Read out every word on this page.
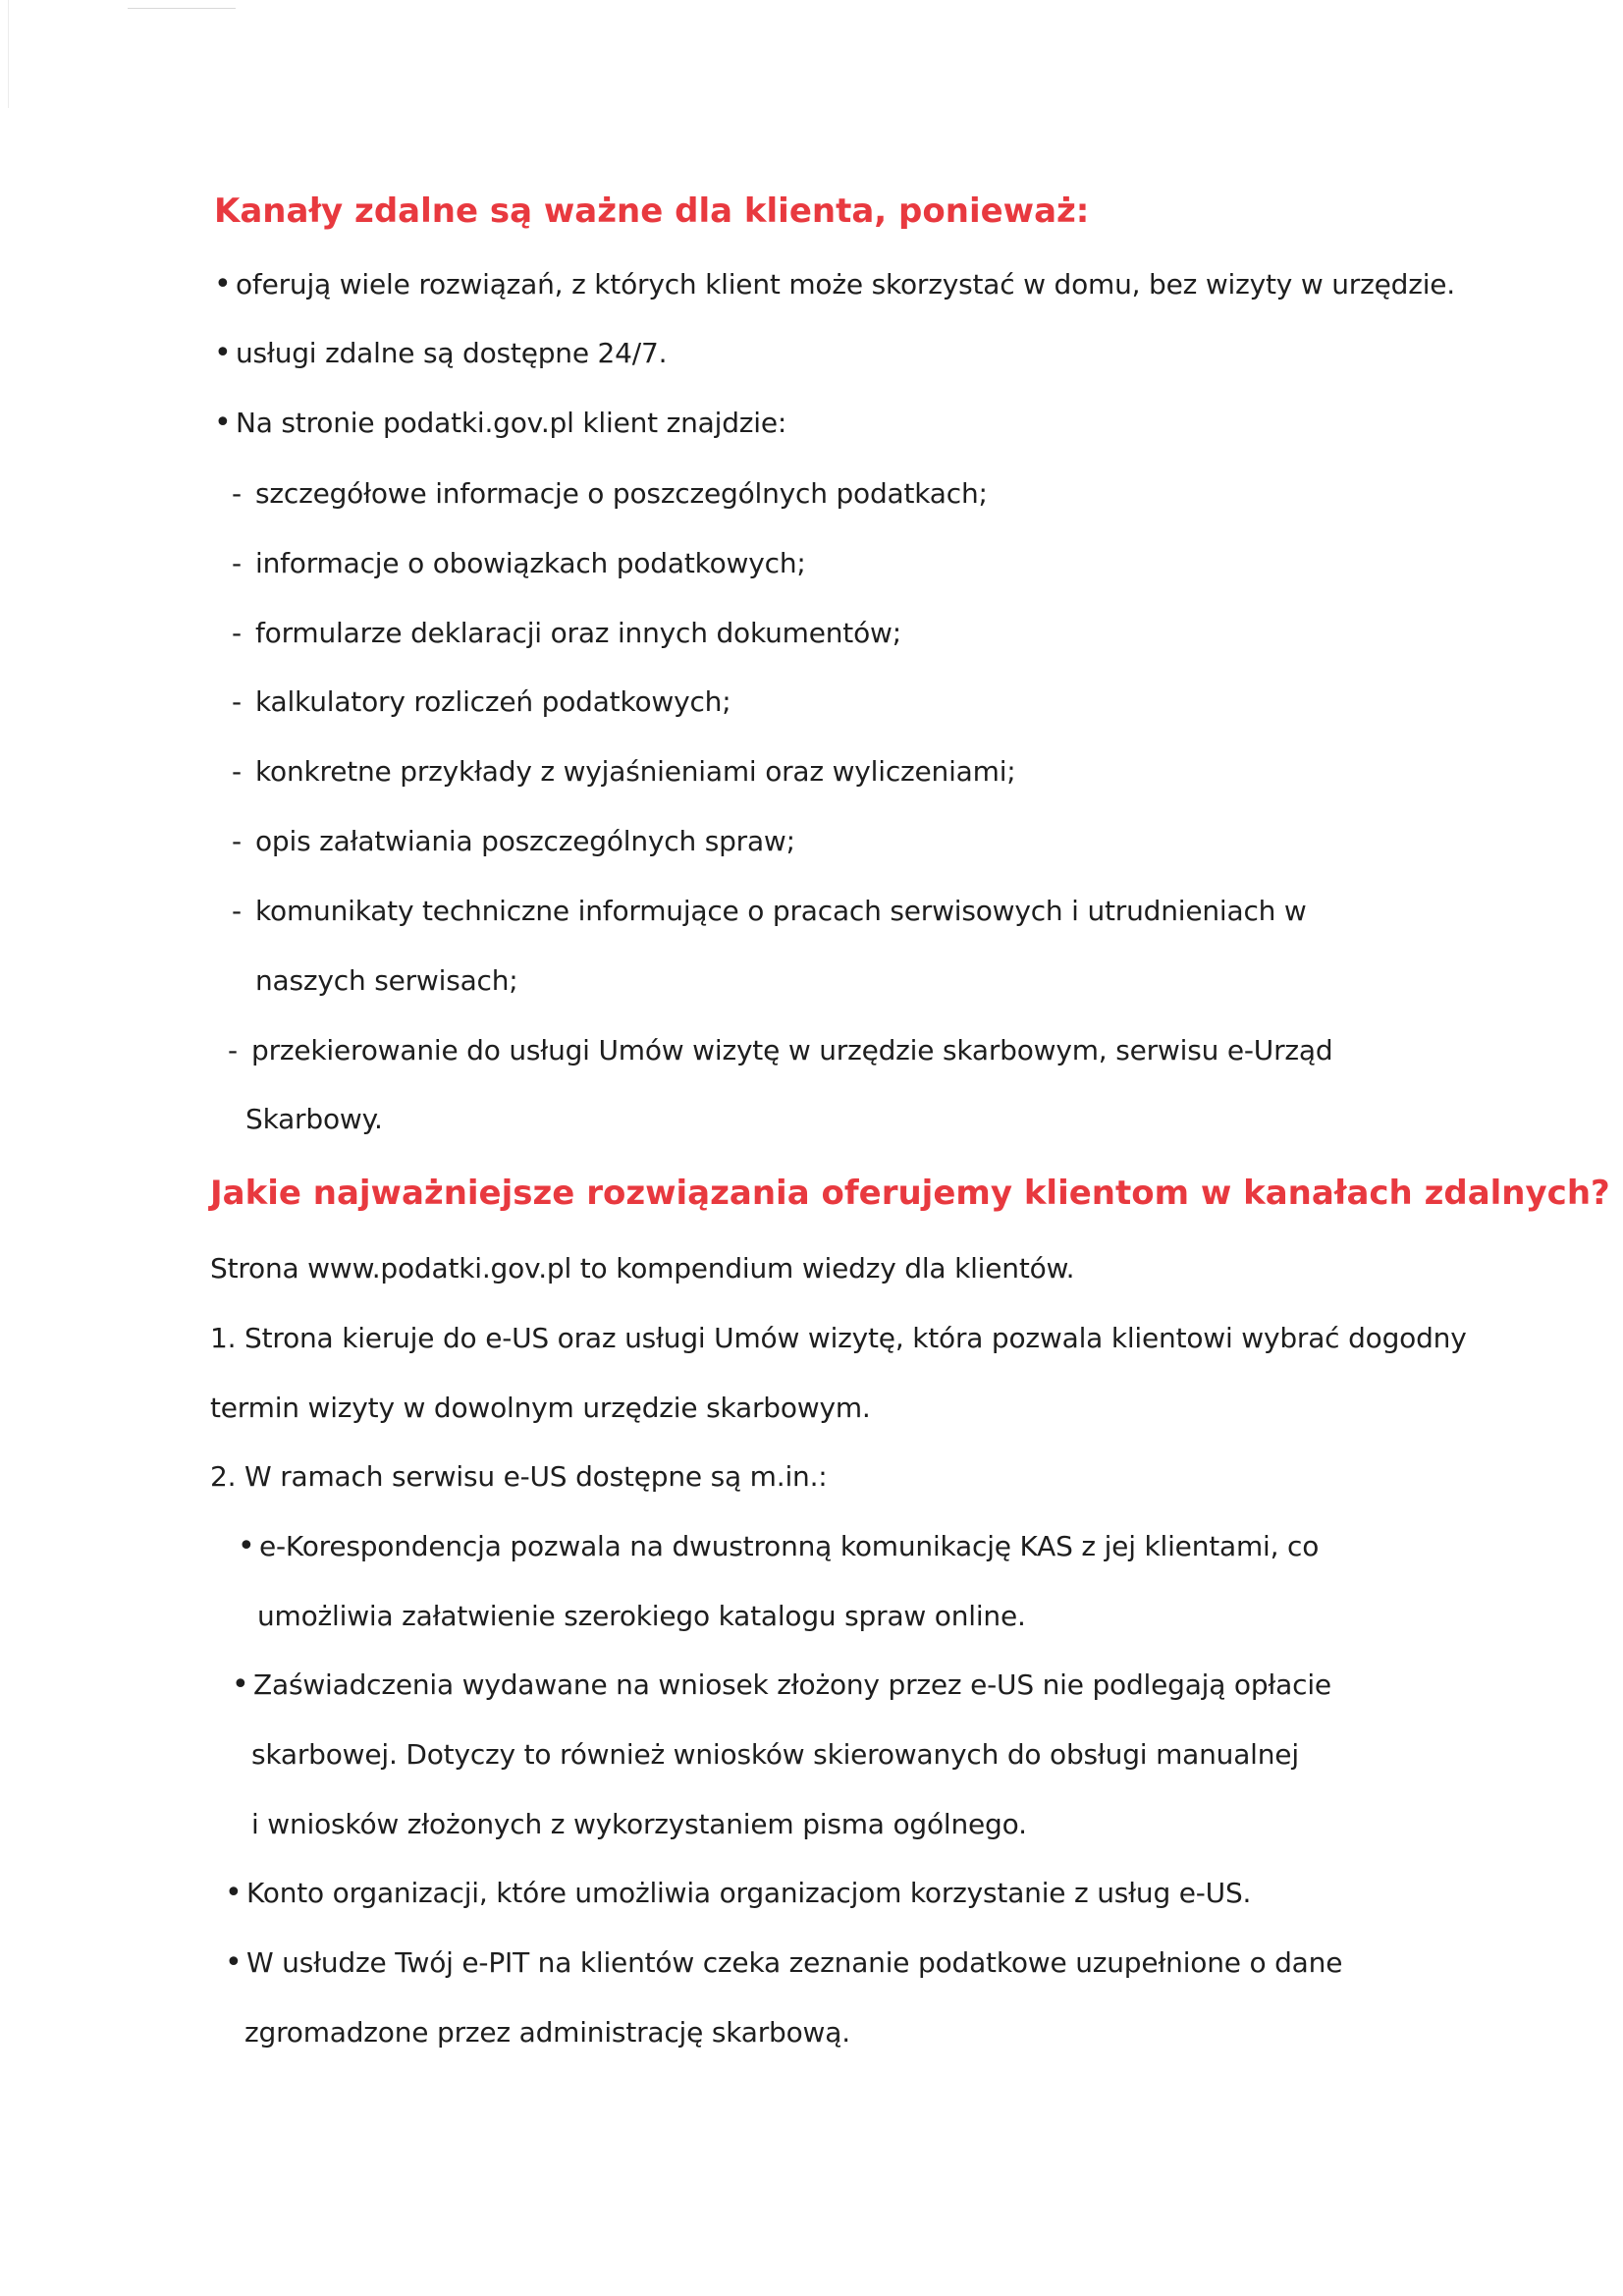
Kanały zdalne są ważne dla klienta, ponieważ:

• oferują wiele rozwiązań, z których klient może skorzystać w domu, bez wizyty w urzędzie.

• usługi zdalne są dostępne 24/7.

• Na stronie podatki.gov.pl klient znajdzie:

- szczegółowe informacje o poszczególnych podatkach;

- informacje o obowiązkach podatkowych;

- formularze deklaracji oraz innych dokumentów;

- kalkulatory rozliczeń podatkowych;

- konkretne przykłady z wyjaśnieniami oraz wyliczeniami;

- opis załatwiania poszczególnych spraw;

- komunikaty techniczne informujące o pracach serwisowych i utrudnieniach w

naszych serwisach;

- przekierowanie do usługi Umów wizytę w urzędzie skarbowym, serwisu e-Urząd

Skarbowy.

Jakie najważniejsze rozwiązania oferujemy klientom w kanałach zdalnych?

Strona www.podatki.gov.pl to kompendium wiedzy dla klientów.

1. Strona kieruje do e-US oraz usługi Umów wizytę, która pozwala klientowi wybrać dogodny

termin wizyty w dowolnym urzędzie skarbowym.

2. W ramach serwisu e-US dostępne są m.in.:

• e-Korespondencja pozwala na dwustronną komunikację KAS z jej klientami, co

umożliwia załatwienie szerokiego katalogu spraw online.

• Zaświadczenia wydawane na wniosek złożony przez e-US nie podlegają opłacie

skarbowej. Dotyczy to również wniosków skierowanych do obsługi manualnej

i wniosków złożonych z wykorzystaniem pisma ogólnego.

• Konto organizacji, które umożliwia organizacjom korzystanie z usług e-US.

• W usłudze Twój e-PIT na klientów czeka zeznanie podatkowe uzupełnione o dane

zgromadzone przez administrację skarbową.
